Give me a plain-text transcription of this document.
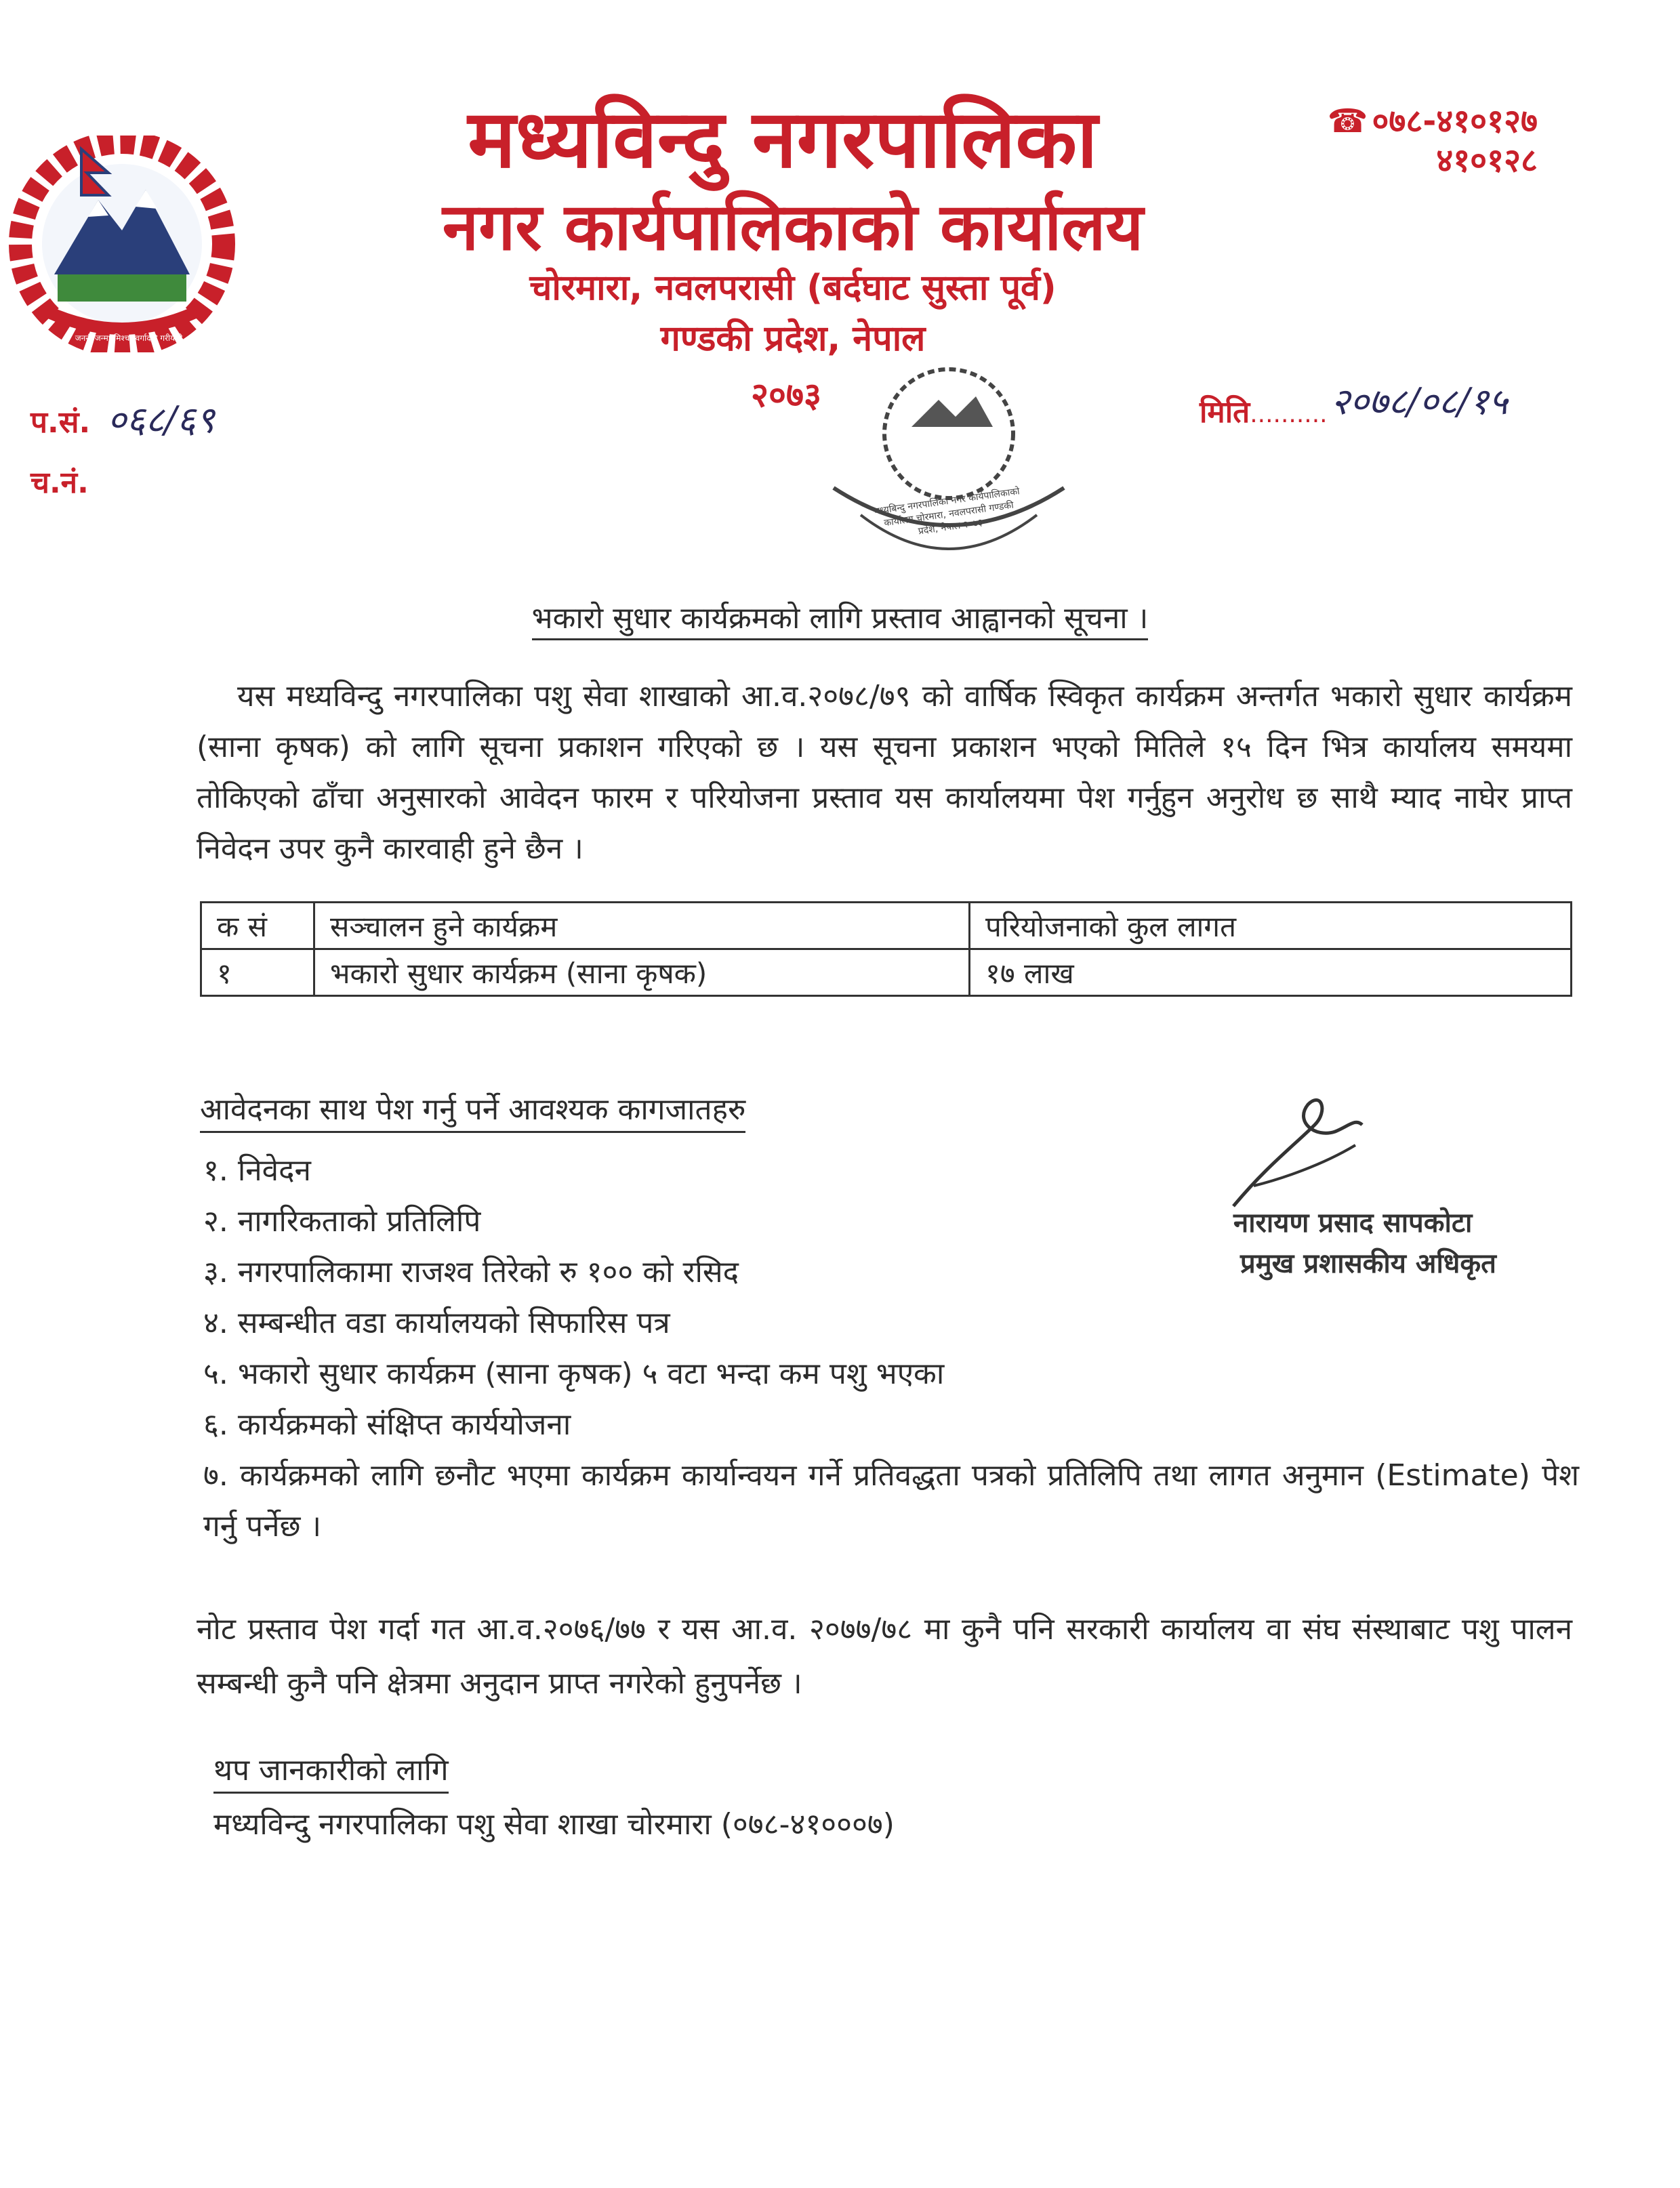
जननी जन्मभूमिश्च स्वर्गादपि गरीयसी
मध्यविन्दु नगरपालिका
नगर कार्यपालिकाको कार्यालय
चोरमारा, नवलपरासी (बर्दघाट सुस्ता पूर्व)
गण्डकी प्रदेश, नेपाल
२०७३
☎ ०७८-४१०१२७
४१०१२८
प.सं. ०६८/६९
च.नं.
मिति.......... २०७८/०८/१५
मध्यबिन्दु नगरपालिका नगर कार्यपालिकाको कार्यालय चोरमारा, नवलपरासी गण्डकी प्रदेश, नेपाल २०७३
भकारो सुधार कार्यक्रमको लागि प्रस्ताव आह्वानको सूचना ।
यस मध्यविन्दु नगरपालिका पशु सेवा शाखाको आ.व.२०७८/७९ को वार्षिक स्विकृत कार्यक्रम अन्तर्गत भकारो सुधार कार्यक्रम (साना कृषक) को लागि सूचना प्रकाशन गरिएको छ । यस सूचना प्रकाशन भएको मितिले १५ दिन भित्र कार्यालय समयमा तोकिएको ढाँचा अनुसारको आवेदन फारम र परियोजना प्रस्ताव यस कार्यालयमा पेश गर्नुहुन अनुरोध छ साथै म्याद नाघेर प्राप्त निवेदन उपर कुनै कारवाही हुने छैन ।
क सं	सञ्चालन हुने कार्यक्रम	परियोजनाको कुल लागत
१	भकारो सुधार कार्यक्रम (साना कृषक)	१७ लाख
आवेदनका साथ पेश गर्नु पर्ने आवश्यक कागजातहरु

१. निवेदन

२. नागरिकताको प्रतिलिपि

३. नगरपालिकामा राजश्व तिरेको रु १०० को रसिद

४. सम्बन्धीत वडा कार्यालयको सिफारिस पत्र

५. भकारो सुधार कार्यक्रम (साना कृषक) ५ वटा भन्दा कम पशु भएका

६. कार्यक्रमको संक्षिप्त कार्ययोजना

७. कार्यक्रमको लागि छनौट भएमा कार्यक्रम कार्यान्वयन गर्ने प्रतिवद्धता पत्रको प्रतिलिपि तथा लागत अनुमान (Estimate) पेश गर्नु पर्नेछ ।

नारायण प्रसाद सापकोटा
प्रमुख प्रशासकीय अधिकृत
नोट प्रस्ताव पेश गर्दा गत आ.व.२०७६/७७ र यस आ.व. २०७७/७८ मा कुनै पनि सरकारी कार्यालय वा संघ संस्थाबाट पशु पालन सम्बन्धी कुनै पनि क्षेत्रमा अनुदान प्राप्त नगरेको हुनुपर्नेछ ।
थप जानकारीको लागि
मध्यविन्दु नगरपालिका पशु सेवा शाखा चोरमारा (०७८-४१०००७)
